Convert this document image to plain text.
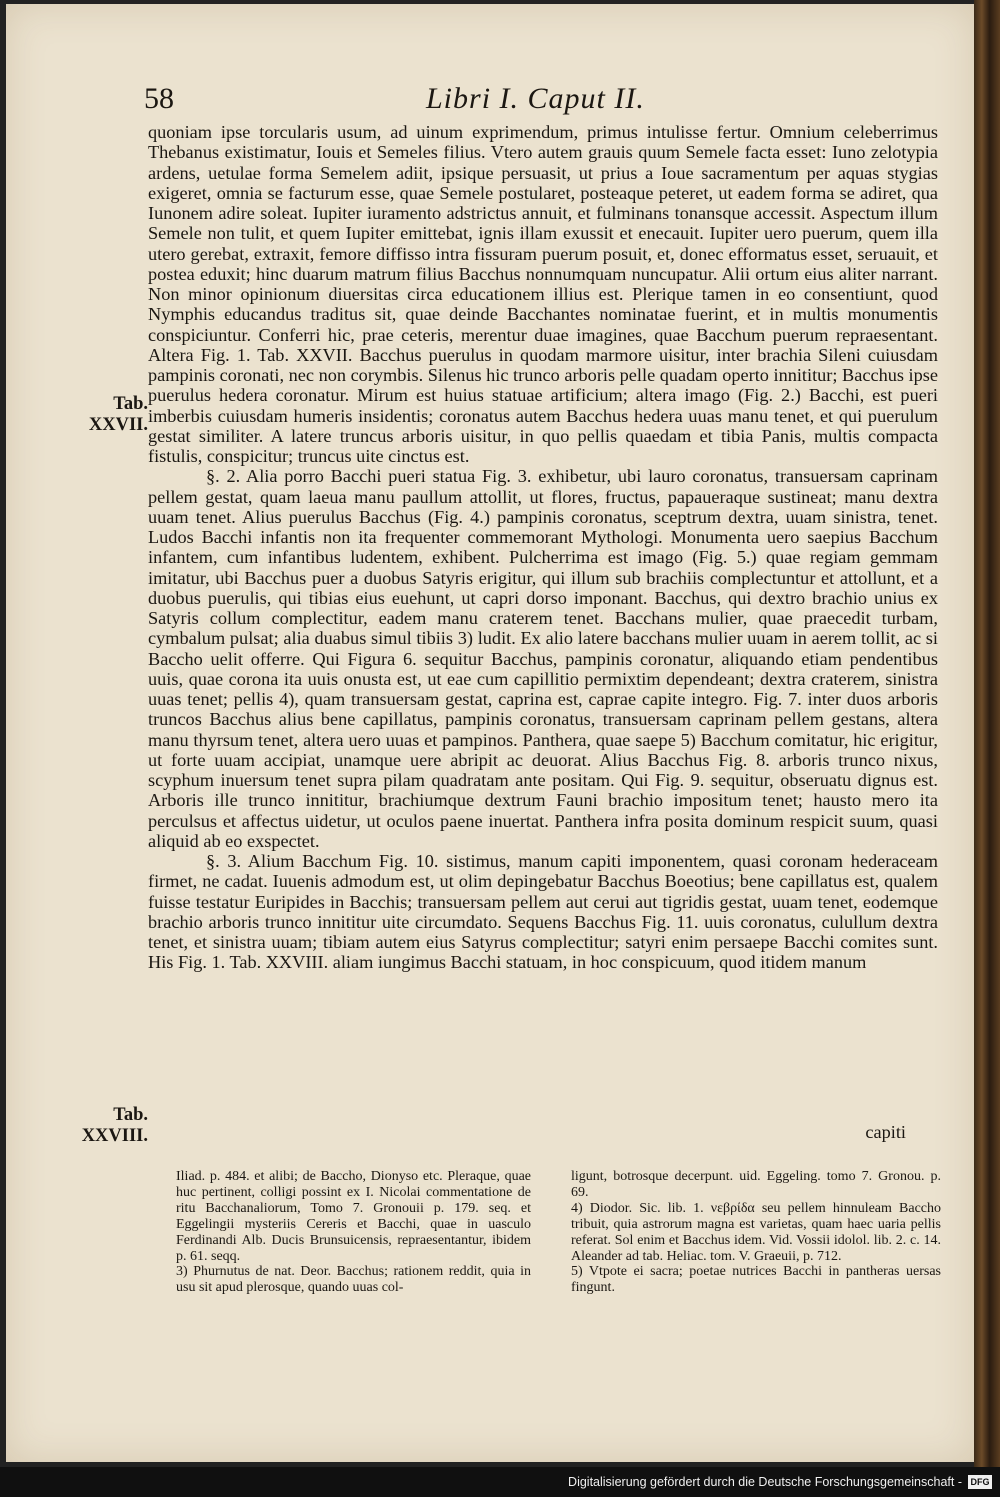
58	Libri I. Caput II.
Tab. XXVII.
Tab. XXVIII.

quoniam ipse torcularis usum, ad uinum exprimendum, primus intulisse fertur. Omnium celeberrimus Thebanus existimatur, Iouis et Semeles filius. Vtero autem grauis quum Semele facta esset: Iuno zelotypia ardens, uetulae forma Semelem adiit, ipsique persuasit, ut prius a Ioue sacramentum per aquas stygias exigeret, omnia se facturum esse, quae Semele postularet, posteaque peteret, ut eadem forma se adiret, qua Iunonem adire soleat. Iupiter iuramento adstrictus annuit, et fulminans tonansque accessit. Aspectum illum Semele non tulit, et quem Iupiter emittebat, ignis illam exussit et enecauit. Iupiter uero puerum, quem illa utero gerebat, extraxit, femore diffisso intra fissuram puerum posuit, et, donec efformatus esset, seruauit, et postea eduxit; hinc duarum matrum filius Bacchus nonnumquam nuncupatur. Alii ortum eius aliter narrant. Non minor opinionum diuersitas circa educationem illius est. Plerique tamen in eo consentiunt, quod Nymphis educandus traditus sit, quae deinde Bacchantes nominatae fuerint, et in multis monumentis conspiciuntur. Conferri hic, prae ceteris, merentur duae imagines, quae Bacchum puerum repraesentant. Altera Fig. 1. Tab. XXVII. Bacchus puerulus in quodam marmore uisitur, inter brachia Sileni cuiusdam pampinis coronati, nec non corymbis. Silenus hic trunco arboris pelle quadam operto innititur; Bacchus ipse puerulus hedera coronatur. Mirum est huius statuae artificium; altera imago (Fig. 2.) Bacchi, est pueri imberbis cuiusdam humeris insidentis; coronatus autem Bacchus hedera uuas manu tenet, et qui puerulum gestat similiter. A latere truncus arboris uisitur, in quo pellis quaedam et tibia Panis, multis compacta fistulis, conspicitur; truncus uite cinctus est.

§. 2. Alia porro Bacchi pueri statua Fig. 3. exhibetur, ubi lauro coronatus, transuersam caprinam pellem gestat, quam laeua manu paullum attollit, ut flores, fructus, papaueraque sustineat; manu dextra uuam tenet. Alius puerulus Bacchus (Fig. 4.) pampinis coronatus, sceptrum dextra, uuam sinistra, tenet. Ludos Bacchi infantis non ita frequenter commemorant Mythologi. Monumenta uero saepius Bacchum infantem, cum infantibus ludentem, exhibent. Pulcherrima est imago (Fig. 5.) quae regiam gemmam imitatur, ubi Bacchus puer a duobus Satyris erigitur, qui illum sub brachiis complectuntur et attollunt, et a duobus puerulis, qui tibias eius euehunt, ut capri dorso imponant. Bacchus, qui dextro brachio unius ex Satyris collum complectitur, eadem manu craterem tenet. Bacchans mulier, quae praecedit turbam, cymbalum pulsat; alia duabus simul tibiis 3) ludit. Ex alio latere bacchans mulier uuam in aerem tollit, ac si Baccho uelit offerre. Qui Figura 6. sequitur Bacchus, pampinis coronatur, aliquando etiam pendentibus uuis, quae corona ita uuis onusta est, ut eae cum capillitio permixtim dependeant; dextra craterem, sinistra uuas tenet; pellis 4), quam transuersam gestat, caprina est, caprae capite integro. Fig. 7. inter duos arboris truncos Bacchus alius bene capillatus, pampinis coronatus, transuersam caprinam pellem gestans, altera manu thyrsum tenet, altera uero uuas et pampinos. Panthera, quae saepe 5) Bacchum comitatur, hic erigitur, ut forte uuam accipiat, unamque uere abripit ac deuorat. Alius Bacchus Fig. 8. arboris trunco nixus, scyphum inuersum tenet supra pilam quadratam ante positam. Qui Fig. 9. sequitur, obseruatu dignus est. Arboris ille trunco innititur, brachiumque dextrum Fauni brachio impositum tenet; hausto mero ita perculsus et affectus uidetur, ut oculos paene inuertat. Panthera infra posita dominum respicit suum, quasi aliquid ab eo exspectet.

§. 3. Alium Bacchum Fig. 10. sistimus, manum capiti imponentem, quasi coronam hederaceam firmet, ne cadat. Iuuenis admodum est, ut olim depingebatur Bacchus Boeotius; bene capillatus est, qualem fuisse testatur Euripides in Bacchis; transuersam pellem aut cerui aut tigridis gestat, uuam tenet, eodemque brachio arboris trunco innititur uite circumdato. Sequens Bacchus Fig. 11. uuis coronatus, culullum dextra tenet, et sinistra uuam; tibiam autem eius Satyrus complectitur; satyri enim persaepe Bacchi comites sunt. His Fig. 1. Tab. XXVIII. aliam iungimus Bacchi statuam, in hoc conspicuum, quod itidem manum

capiti
Iliad. p. 484. et alibi; de Baccho, Dionyso etc. Pleraque, quae huc pertinent, colligi possint ex I. Nicolai commentatione de ritu Bacchanaliorum, Tomo 7. Gronouii p. 179. seq. et Eggelingii mysteriis Cereris et Bacchi, quae in uasculo Ferdinandi Alb. Ducis Brunsuicensis, repraesentantur, ibidem p. 61. seqq.
3) Phurnutus de nat. Deor. Bacchus; rationem reddit, quia in usu sit apud plerosque, quando uuas col-
ligunt, botrosque decerpunt. uid. Eggeling. tomo 7. Gronou. p. 69.
4) Diodor. Sic. lib. 1. νεβρίδα seu pellem hinnuleam Baccho tribuit, quia astrorum magna est varietas, quam haec uaria pellis referat. Sol enim et Bacchus idem. Vid. Vossii idolol. lib. 2. c. 14. Aleander ad tab. Heliac. tom. V. Graeuii, p. 712.
5) Vtpote ei sacra; poetae nutrices Bacchi in pantheras uersas fingunt.
Digitalisierung gefördert durch die Deutsche Forschungsgemeinschaft - DFG
